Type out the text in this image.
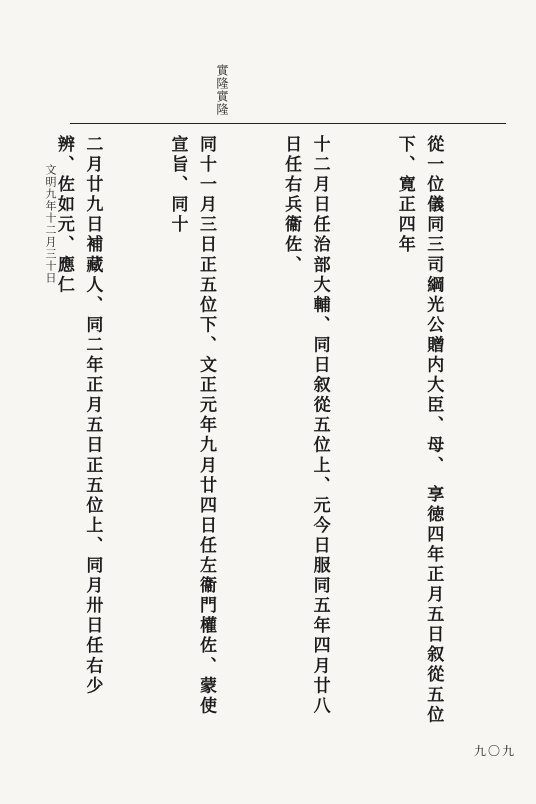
實隆實隆

從一位儀同三司綱光公贈内大臣、母、 享徳四年正月五日叙從五位下、寛正四年

十二月日任治部大輔、同日叙從五位上、元今日服同五年四月廿八日任右兵衞佐、

同十一月三日正五位下、文正元年九月廿四日任左衞門權佐、蒙使宣旨、同十

二月廿九日補藏人、同二年正月五日正五位上、同月卅日任右少辨、佐如元、應仁

文明九年十二月三十日
九〇九
